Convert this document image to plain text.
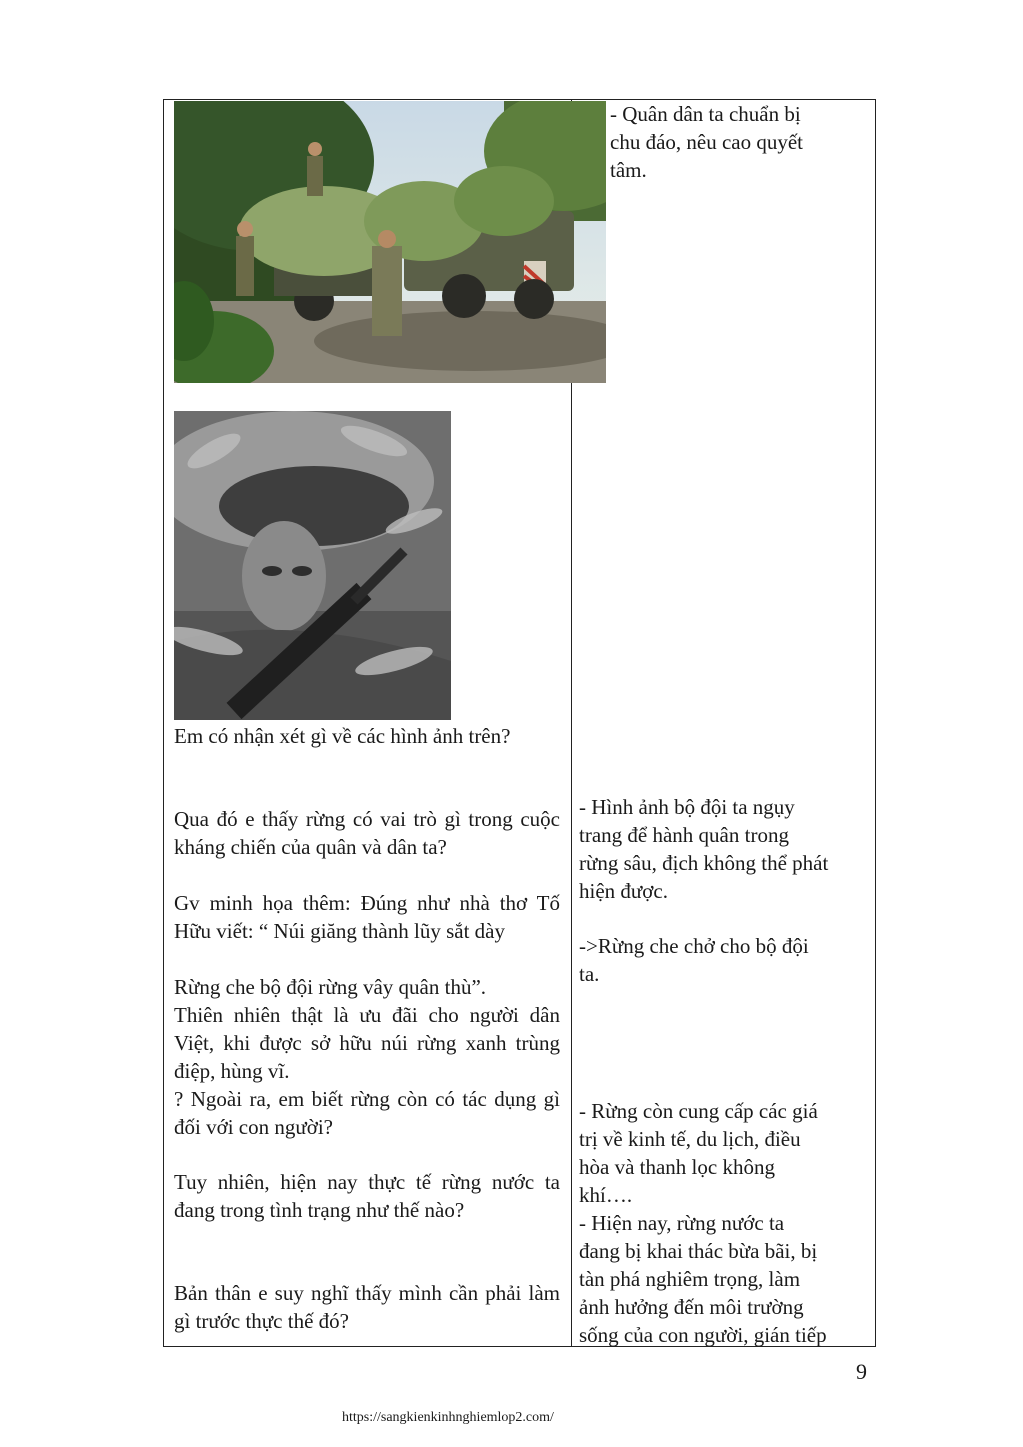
Em có nhận xét gì về các hình ảnh trên?
Qua đó e thấy rừng có vai trò gì trong cuộc kháng chiến của quân và dân ta?
Gv minh họa thêm: Đúng như nhà thơ Tố Hữu viết: “ Núi giăng thành lũy sắt dày
Rừng che bộ đội rừng vây quân thù”.
Thiên nhiên thật là ưu đãi cho người dân Việt, khi được sở hữu núi rừng xanh trùng điệp, hùng vĩ.
? Ngoài ra, em biết rừng còn có tác dụng gì đối với con người?
Tuy nhiên, hiện nay thực tế rừng nước ta đang trong tình trạng như thế nào?
Bản thân e suy nghĩ thấy mình cần phải làm gì trước thực thế đó?
- Quân dân ta chuẩn bị
chu đáo, nêu cao quyết
tâm.
- Hình ảnh bộ đội ta ngụy
trang để hành quân trong
rừng sâu, địch không thể phát
hiện được.
->Rừng che chở cho bộ đội
ta.
- Rừng còn cung cấp các giá
trị về kinh tế, du lịch, điều
hòa và thanh lọc không
khí….
- Hiện nay, rừng nước ta
đang bị khai thác bừa bãi, bị
tàn phá nghiêm trọng, làm
ảnh hưởng đến môi trường
sống của con người, gián tiếp
9
https://sangkienkinhnghiemlop2.com/
